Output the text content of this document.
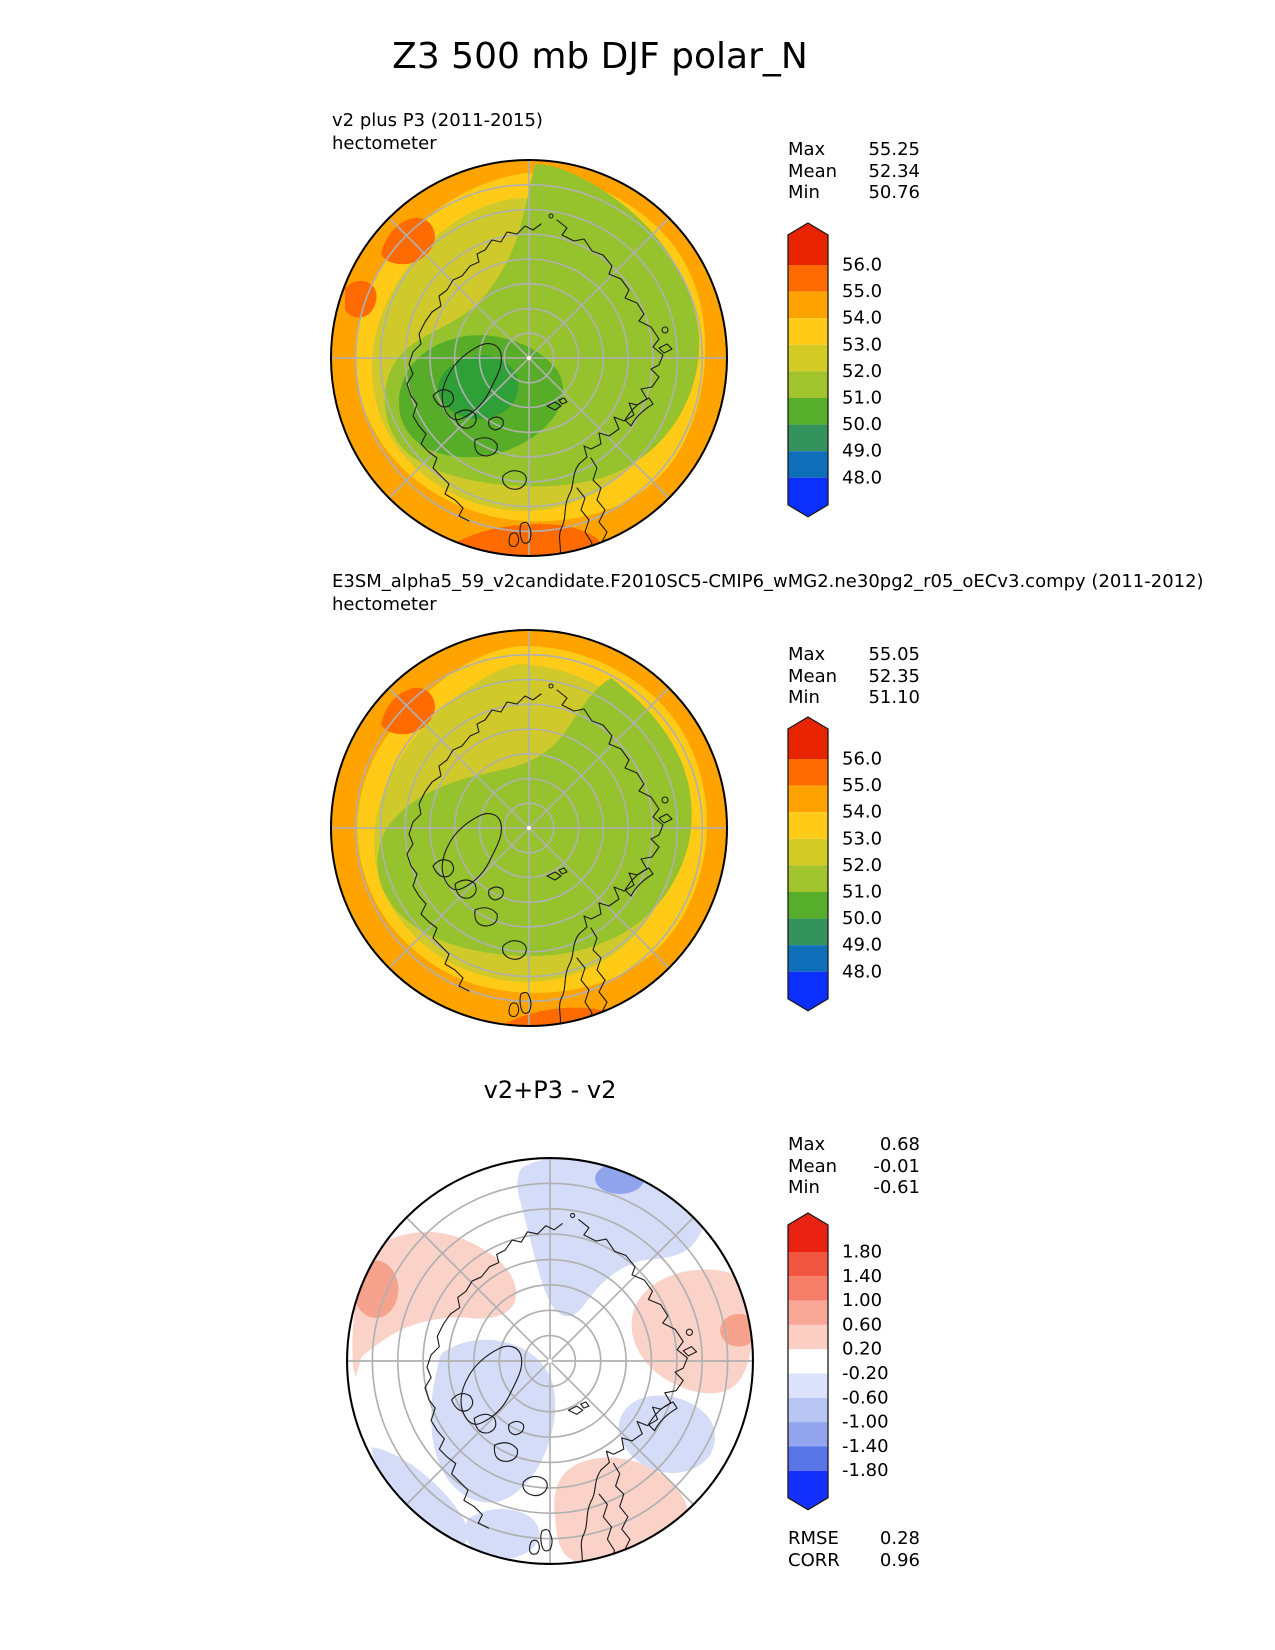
Z3 500 mb DJF polar_N
v2 plus P3 (2011-2015)
hectometer	Max 55.25
Mean 52.34
Min	50.76
56.0
55.0
54.0
53.0
52.0
51.0
50.0
49.0
48.0
E3SM_alpha5_59_v2candidate.F2010SC5-CMIP6_wMG2.ne30pg2_r05_oECv3.compy (2011-2012)
hectometer
Max 55.05
Mean 52.35
Min	51.10
56.0
55.0
54.0
53.0
52.0
51.0
50.0
49.0
48.0
v2+P3 - v2
Max	0.68
Mean -0.01
Min	-0.61
1.80
1.40
1.00
0.60
0.20
-0.20
-0.60
-1.00
-1.40
-1.80
RMSE 0.28
CORR 0.96
